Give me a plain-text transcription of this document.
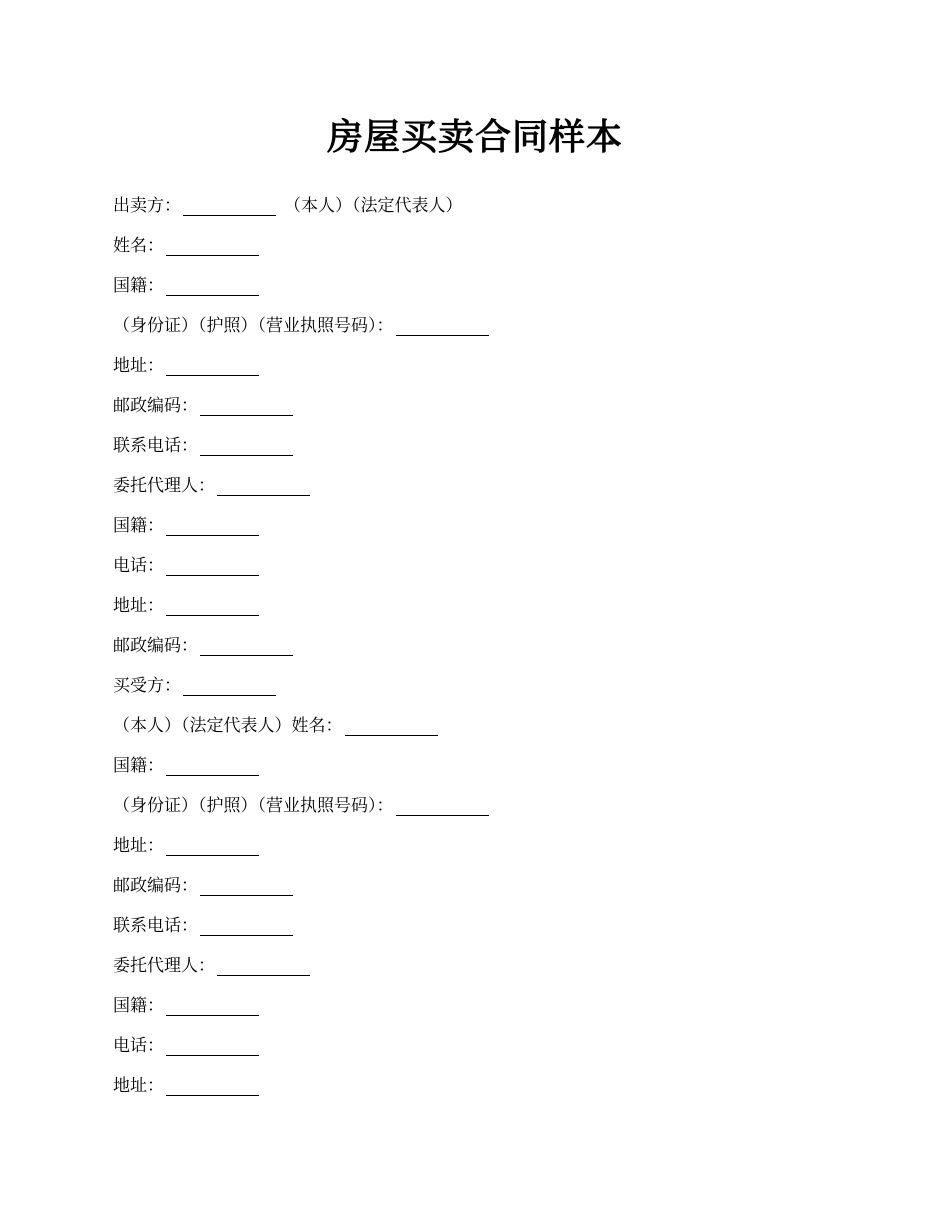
房屋买卖合同样本
出卖方：	（本人）（法定代表人）
姓名：
国籍：
（身份证）（护照）（营业执照号码）：
地址：
邮政编码：
联系电话：
委托代理人：
国籍：
电话：
地址：
邮政编码：
买受方：
（本人）（法定代表人）姓名：
国籍：
（身份证）（护照）（营业执照号码）：
地址：
邮政编码：
联系电话：
委托代理人：
国籍：
电话：
地址：
